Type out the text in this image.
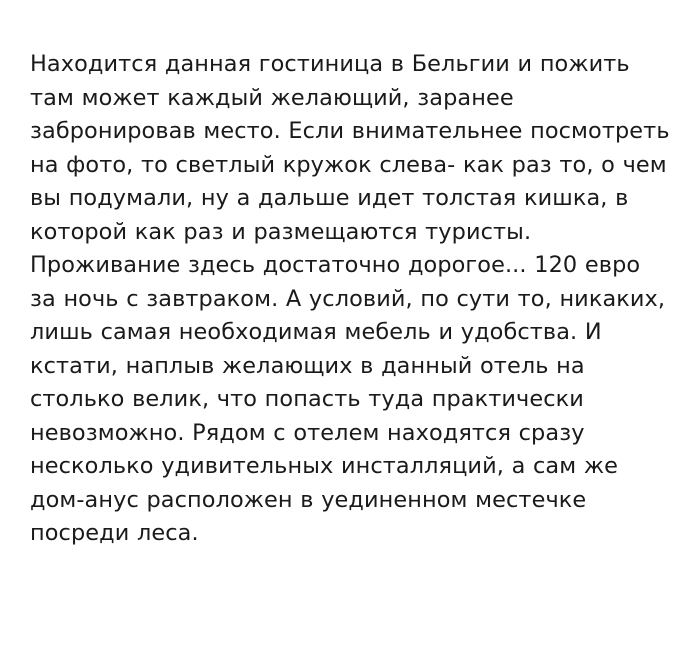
Находится данная гостиница в Бельгии и пожить там может каждый желающий, заранее забронировав место. Если внимательнее посмотреть на фото, то светлый кружок слева- как раз то, о чем вы подумали, ну а дальше идет толстая кишка, в которой как раз и размещаются туристы. Проживание здесь достаточно дорогое... 120 евро за ночь с завтраком. А условий, по сути то, никаких, лишь самая необходимая мебель и удобства. И кстати, наплыв желающих в данный отель на столько велик, что попасть туда практически невозможно. Рядом с отелем находятся сразу несколько удивительных инсталляций, а сам же дом-анус расположен в уединенном местечке посреди леса.
